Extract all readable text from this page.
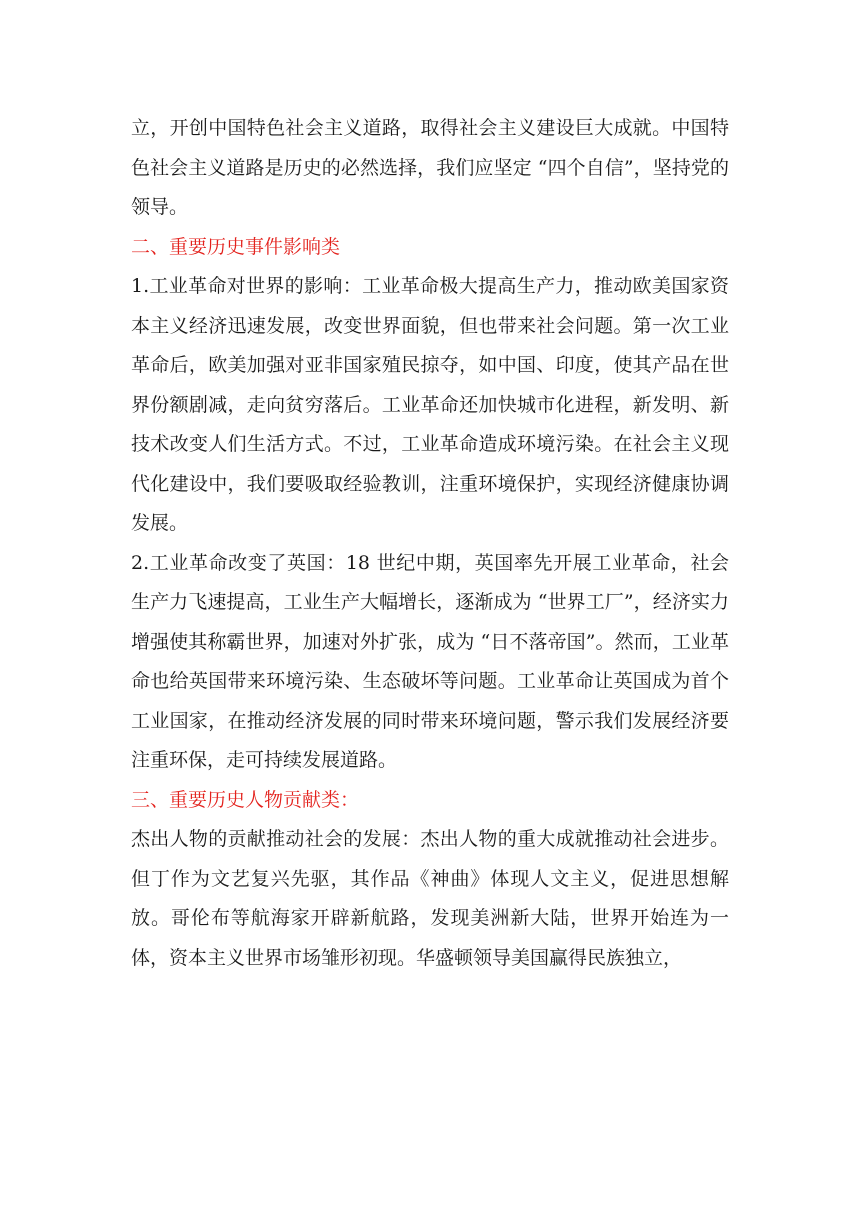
立，开创中国特色社会主义道路，取得社会主义建设巨大成就。中国特色社会主义道路是历史的必然选择，我们应坚定 “四个自信”，坚持党的领导。

二、重要历史事件影响类

1.工业革命对世界的影响：工业革命极大提高生产力，推动欧美国家资本主义经济迅速发展，改变世界面貌，但也带来社会问题。第一次工业革命后，欧美加强对亚非国家殖民掠夺，如中国、印度，使其产品在世界份额剧减，走向贫穷落后。工业革命还加快城市化进程，新发明、新技术改变人们生活方式。不过，工业革命造成环境污染。在社会主义现代化建设中，我们要吸取经验教训，注重环境保护，实现经济健康协调发展。

2.工业革命改变了英国：18 世纪中期，英国率先开展工业革命，社会生产力飞速提高，工业生产大幅增长，逐渐成为 “世界工厂”，经济实力增强使其称霸世界，加速对外扩张，成为 “日不落帝国”。然而，工业革命也给英国带来环境污染、生态破坏等问题。工业革命让英国成为首个工业国家，在推动经济发展的同时带来环境问题，警示我们发展经济要注重环保，走可持续发展道路。

三、重要历史人物贡献类：

杰出人物的贡献推动社会的发展：杰出人物的重大成就推动社会进步。但丁作为文艺复兴先驱，其作品《神曲》体现人文主义，促进思想解放。哥伦布等航海家开辟新航路，发现美洲新大陆，世界开始连为一体，资本主义世界市场雏形初现。华盛顿领导美国赢得民族独立，
